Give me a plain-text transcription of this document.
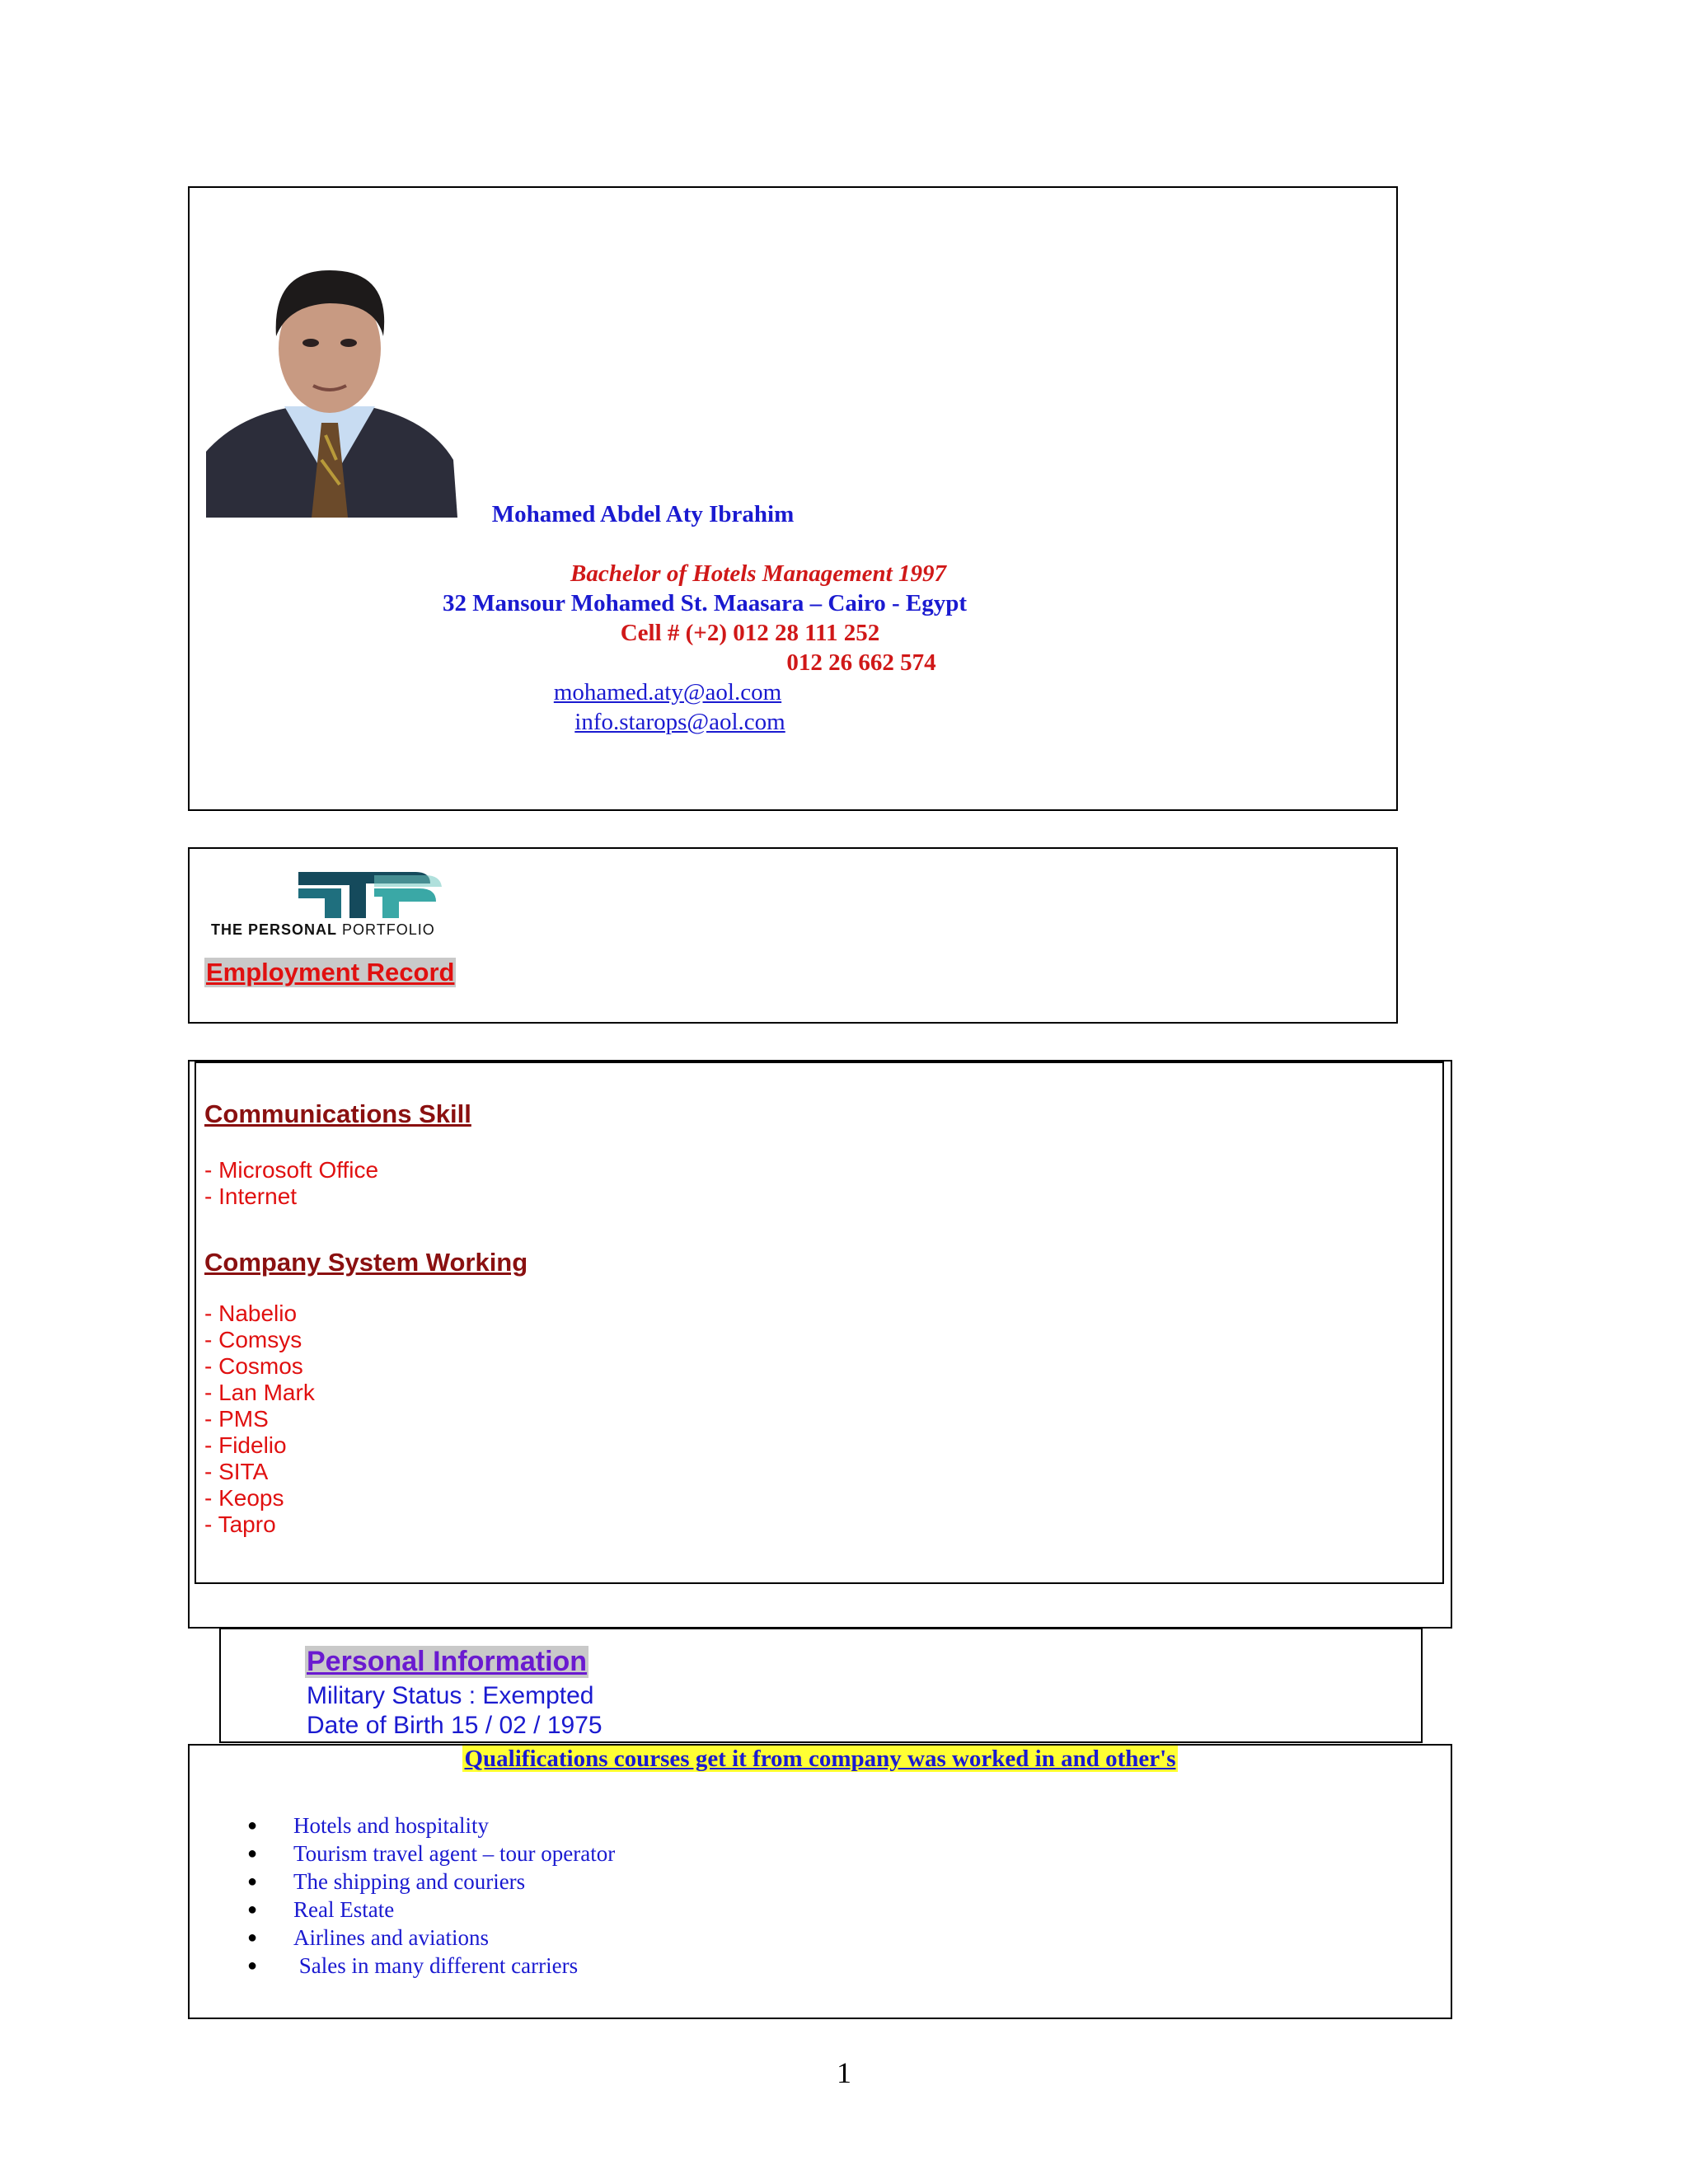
Mohamed Abdel Aty Ibrahim
Bachelor of Hotels Management 1997
32 Mansour Mohamed St. Maasara – Cairo - Egypt
Cell # (+2) 012 28 111 252
012 26 662 574
mohamed.aty@aol.com
info.starops@aol.com
THE PERSONAL PORTFOLIO
Employment Record
Communications Skill
- Microsoft Office
- Internet
Company System Working
- Nabelio
- Comsys
- Cosmos
- Lan Mark
- PMS
- Fidelio
- SITA
- Keops
- Tapro
Personal Information
Military Status : Exempted
Date of Birth 15 / 02 / 1975
Qualifications courses get it from company was worked in and other's
● Hotels and hospitality
● Tourism travel agent – tour operator
● The shipping and couriers
● Real Estate
● Airlines and aviations
● Sales in many different carriers
1
